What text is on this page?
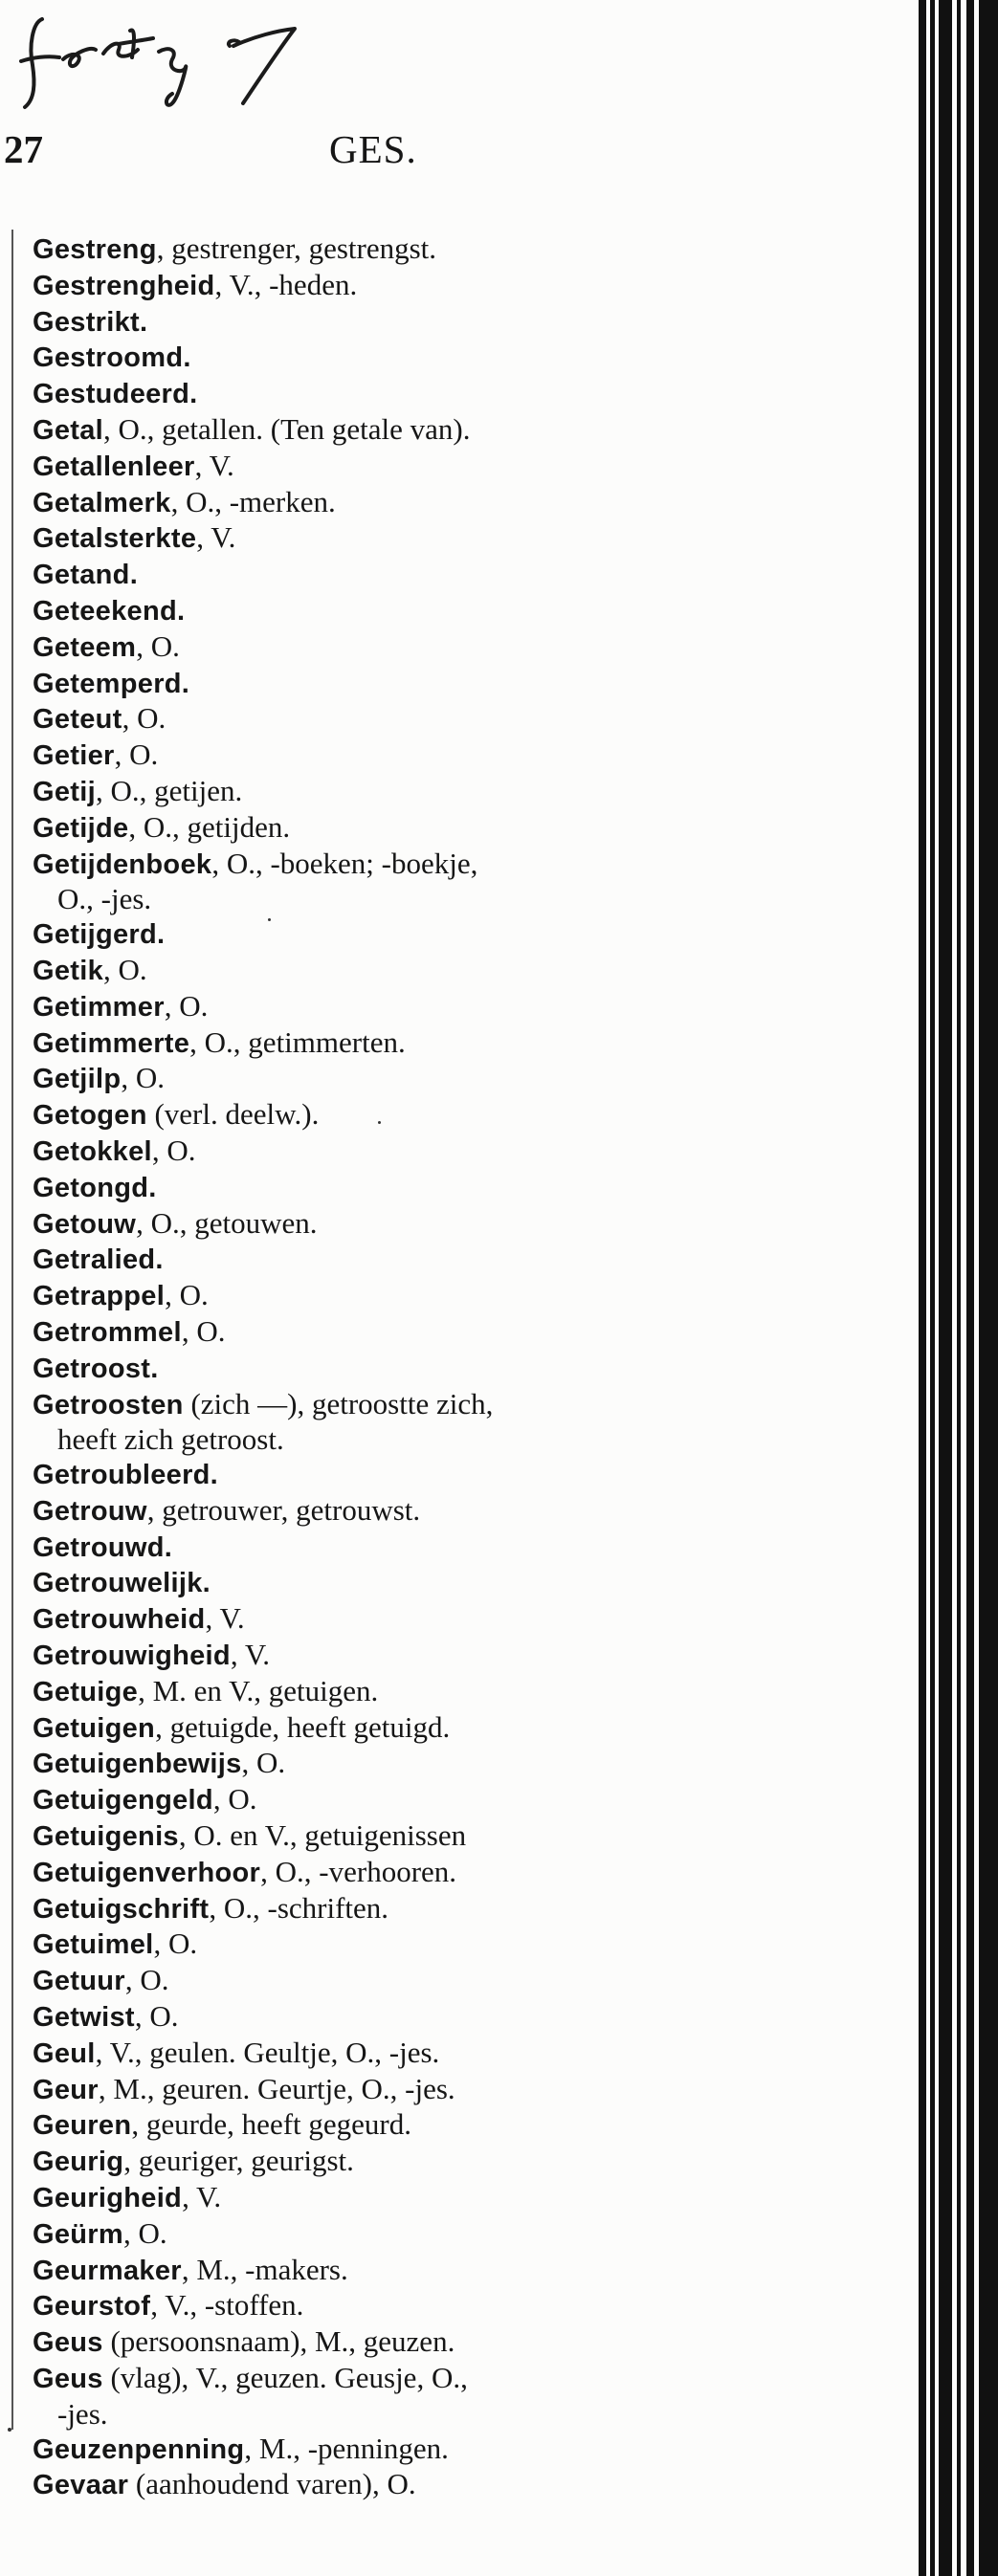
27	GES.
Gestreng, gestrenger, gestrengst.
Gestrengheid, V., -heden.
Gestrikt.
Gestroomd.
Gestudeerd.
Getal, O., getallen. (Ten getale van).
Getallenleer, V.
Getalmerk, O., -merken.
Getalsterkte, V.
Getand.
Geteekend.
Geteem, O.
Getemperd.
Geteut, O.
Getier, O.
Getij, O., getijen.
Getijde, O., getijden.
Getijdenboek, O., -boeken; -boekje,
O., -jes.
Getijgerd.
Getik, O.
Getimmer, O.
Getimmerte, O., getimmerten.
Getjilp, O.
Getogen (verl. deelw.).
Getokkel, O.
Getongd.
Getouw, O., getouwen.
Getralied.
Getrappel, O.
Getrommel, O.
Getroost.
Getroosten (zich —), getroostte zich,
heeft zich getroost.
Getroubleerd.
Getrouw, getrouwer, getrouwst.
Getrouwd.
Getrouwelijk.
Getrouwheid, V.
Getrouwigheid, V.
Getuige, M. en V., getuigen.
Getuigen, getuigde, heeft getuigd.
Getuigenbewijs, O.
Getuigengeld, O.
Getuigenis, O. en V., getuigenissen
Getuigenverhoor, O., -verhooren.
Getuigschrift, O., -schriften.
Getuimel, O.
Getuur, O.
Getwist, O.
Geul, V., geulen. Geultje, O., -jes.
Geur, M., geuren. Geurtje, O., -jes.
Geuren, geurde, heeft gegeurd.
Geurig, geuriger, geurigst.
Geurigheid, V.
Geürm, O.
Geurmaker, M., -makers.
Geurstof, V., -stoffen.
Geus (persoonsnaam), M., geuzen.
Geus (vlag), V., geuzen. Geusje, O.,
-jes.
Geuzenpenning, M., -penningen.
Gevaar (aanhoudend varen), O.
